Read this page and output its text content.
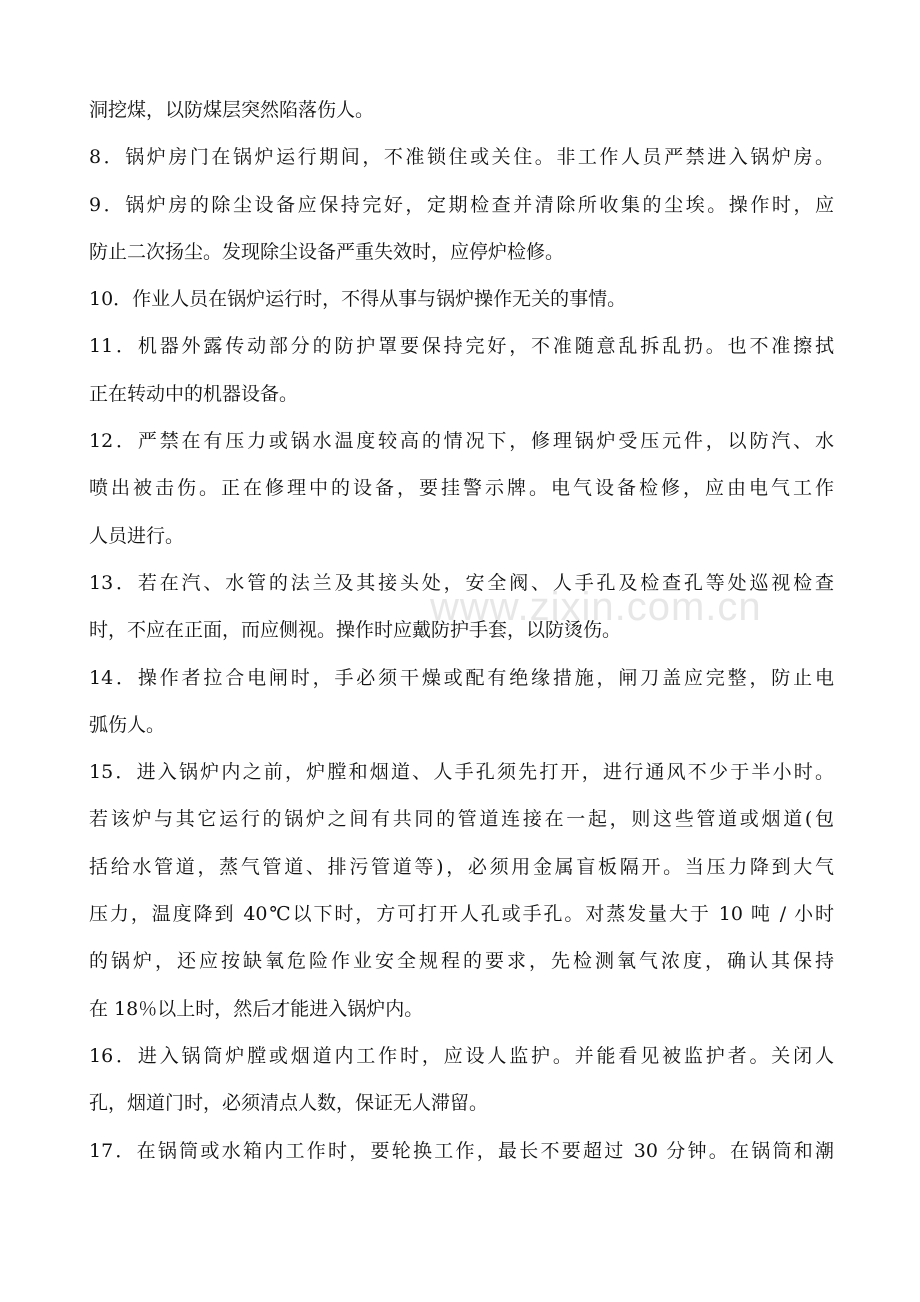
www.zixin.com.cn
洞挖煤，以防煤层突然陷落伤人。
8．锅炉房门在锅炉运行期间，不准锁住或关住。非工作人员严禁进入锅炉房。
9．锅炉房的除尘设备应保持完好，定期检查并清除所收集的尘埃。操作时，应
防止二次扬尘。发现除尘设备严重失效时，应停炉检修。
10．作业人员在锅炉运行时，不得从事与锅炉操作无关的事情。
11．机器外露传动部分的防护罩要保持完好，不准随意乱拆乱扔。也不准擦拭
正在转动中的机器设备。
12．严禁在有压力或锅水温度较高的情况下，修理锅炉受压元件，以防汽、水
喷出被击伤。正在修理中的设备，要挂警示牌。电气设备检修，应由电气工作
人员进行。
13．若在汽、水管的法兰及其接头处，安全阀、人手孔及检查孔等处巡视检查
时，不应在正面，而应侧视。操作时应戴防护手套，以防烫伤。
14．操作者拉合电闸时，手必须干燥或配有绝缘措施，闸刀盖应完整，防止电
弧伤人。
15．进入锅炉内之前，炉膛和烟道、人手孔须先打开，进行通风不少于半小时。
若该炉与其它运行的锅炉之间有共同的管道连接在一起，则这些管道或烟道(包
括给水管道，蒸气管道、排污管道等)，必须用金属盲板隔开。当压力降到大气
压力，温度降到 40℃以下时，方可打开人孔或手孔。对蒸发量大于 10 吨 / 小时
的锅炉，还应按缺氧危险作业安全规程的要求，先检测氧气浓度，确认其保持
在 18％以上时，然后才能进入锅炉内。
16．进入锅筒炉膛或烟道内工作时，应设人监护。并能看见被监护者。关闭人
孔，烟道门时，必须清点人数，保证无人滞留。
17．在锅筒或水箱内工作时，要轮换工作，最长不要超过 30 分钟。在锅筒和潮
